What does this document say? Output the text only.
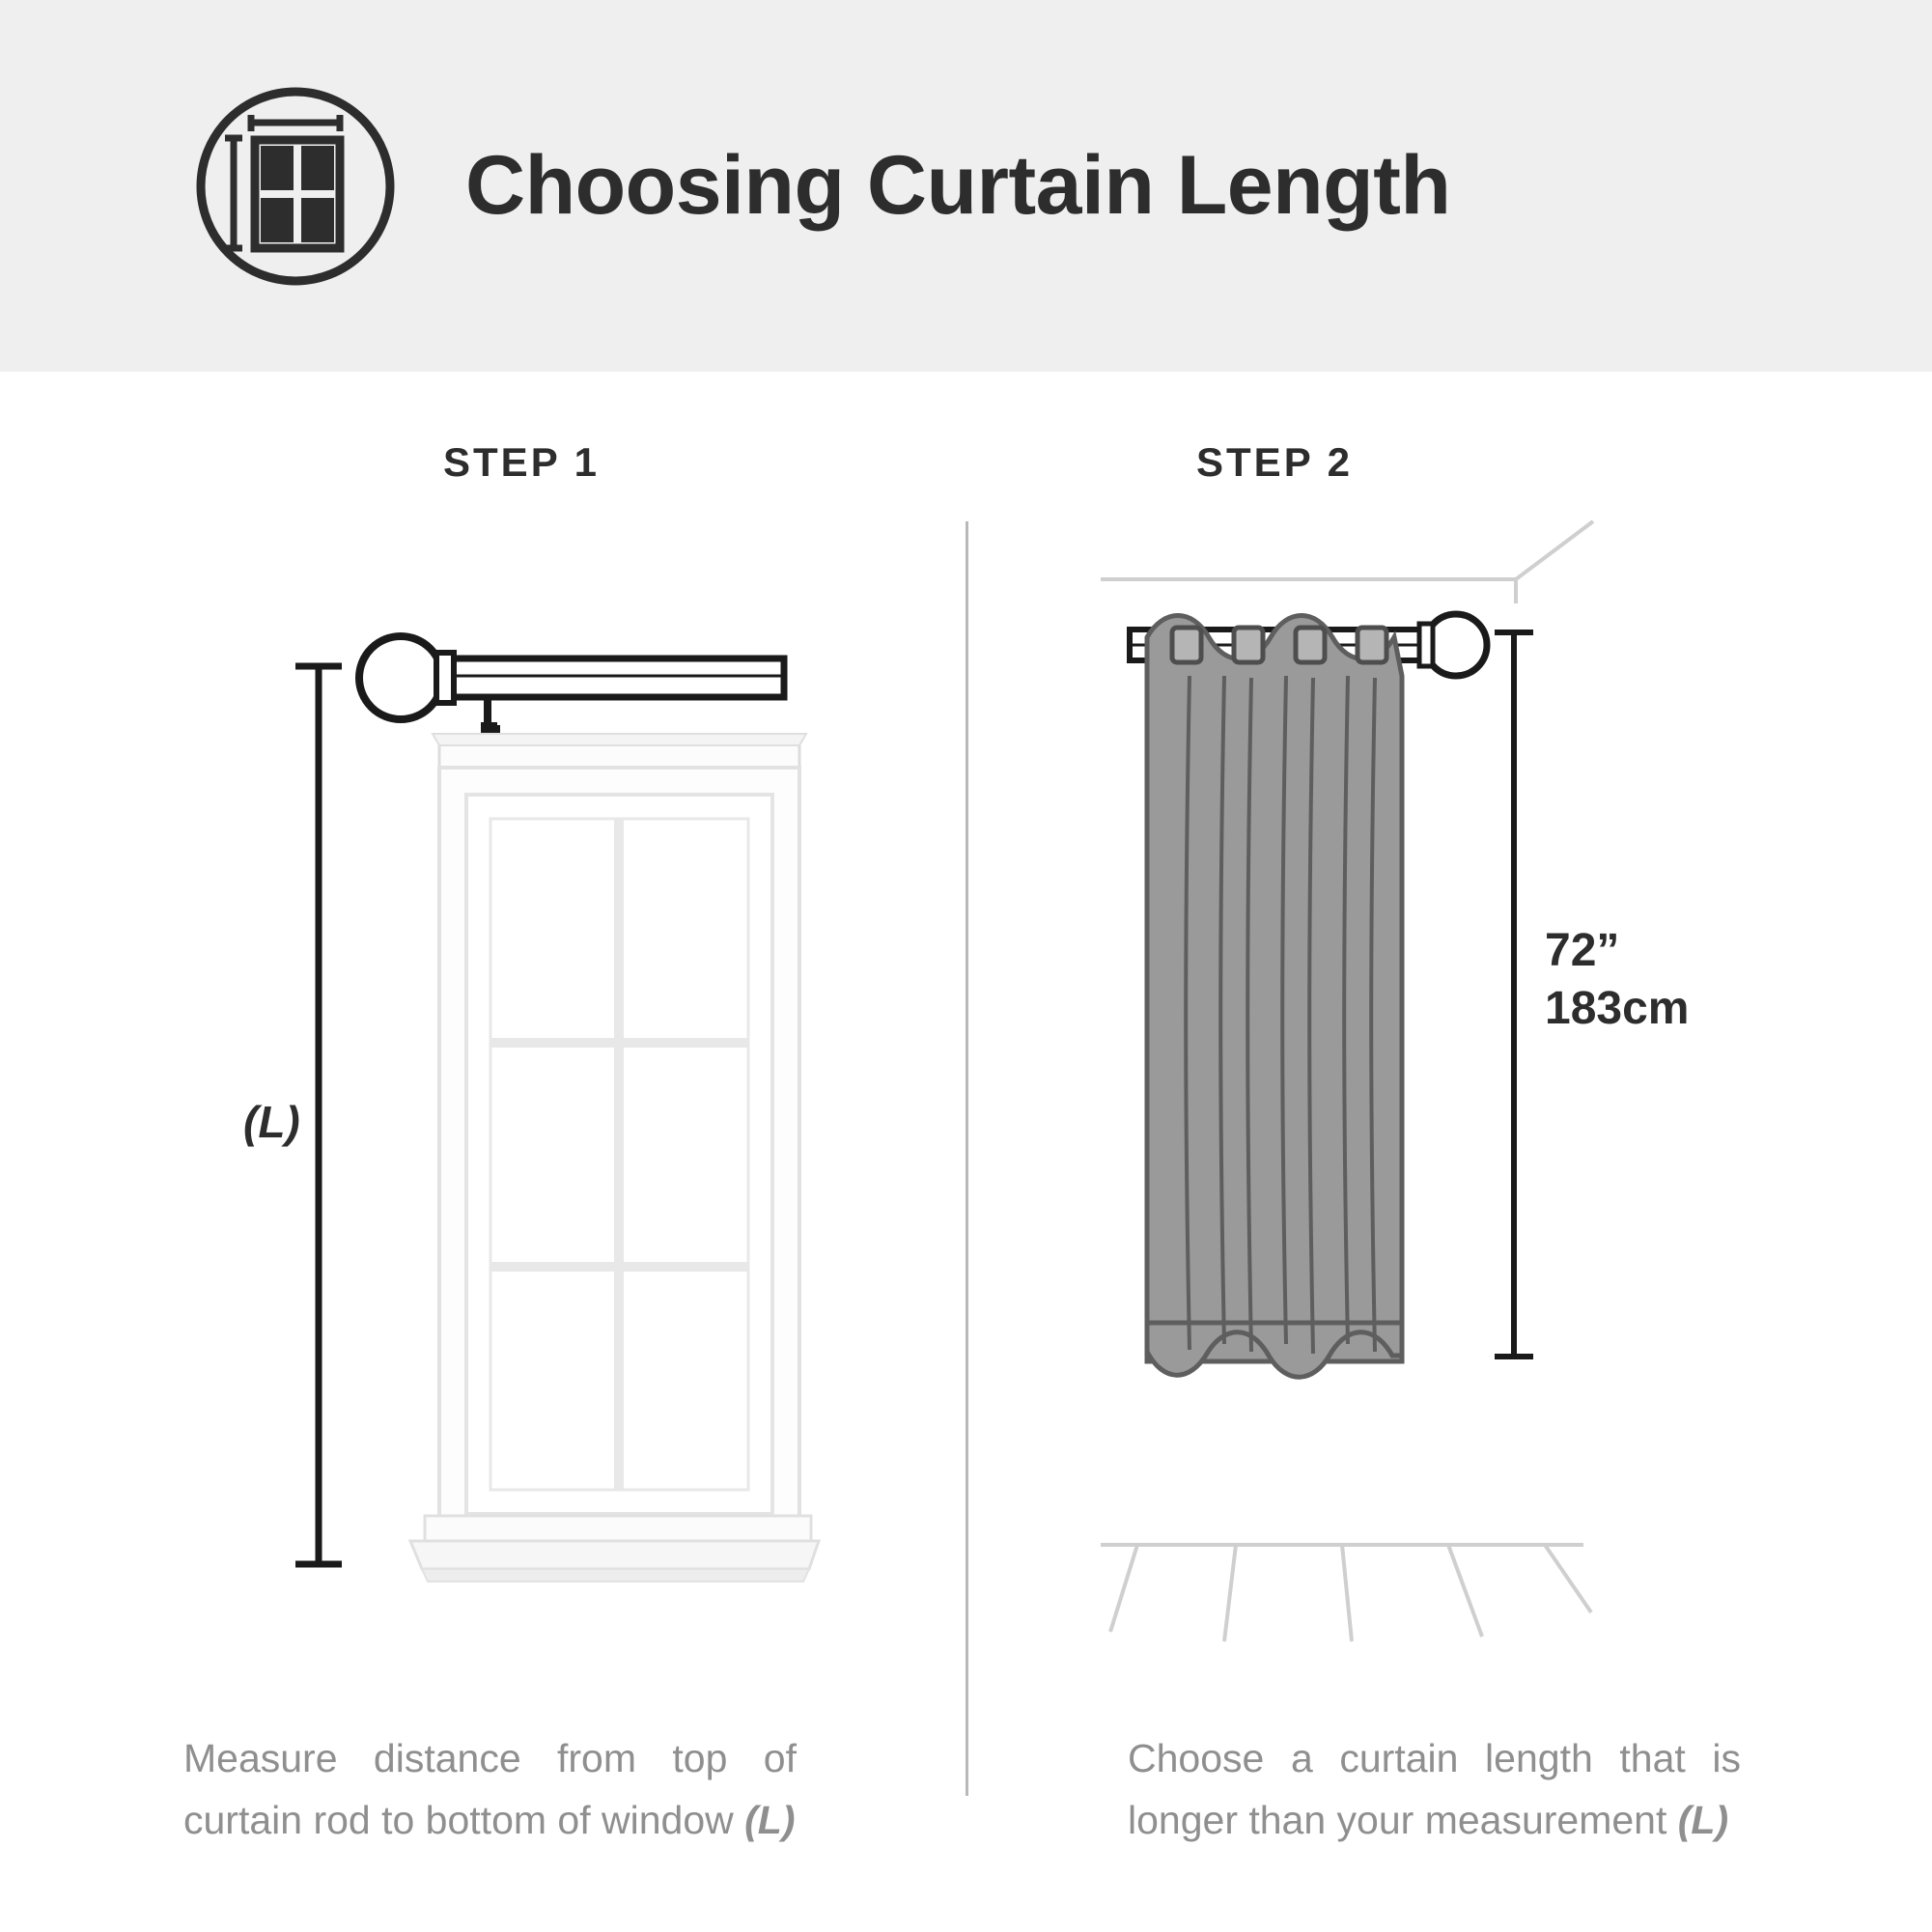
Choosing Curtain Length
STEP 1	STEP 2
(L)
72”
183cm
Measure distance from top of curtain rod to bottom of window (L)
Choose a curtain length that is longer than your measurement (L)
